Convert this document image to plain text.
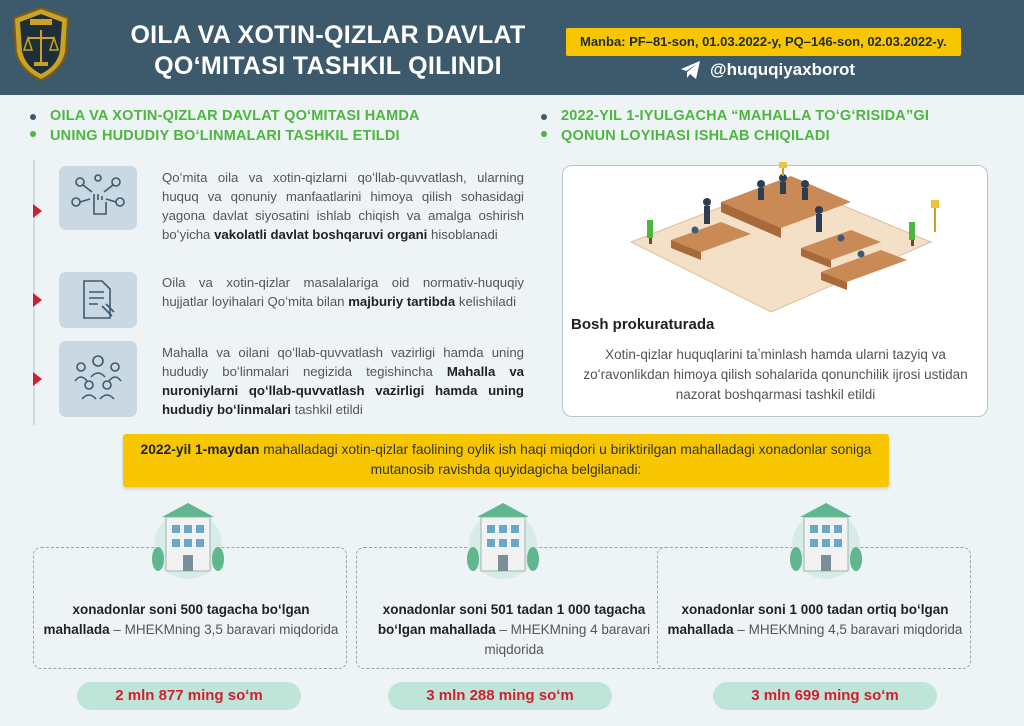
OILA VA XOTIN-QIZLAR DAVLAT
QOʻMITASI TASHKIL QILINDI
Manba: PF–81-son, 01.03.2022-y, PQ–146-son, 02.03.2022-y.
@huquqiyaxborot
OILA VA XOTIN-QIZLAR DAVLAT QOʻMITASI HAMDA
UNING HUDUDIY BOʻLINMALARI TASHKIL ETILDI
2022-YIL 1-IYULGACHA “MAHALLA TOʻGʻRISIDA”GI
QONUN LOYIHASI ISHLAB CHIQILADI
Qoʻmita oila va xotin-qizlarni qoʻllab-quvvatlash, ularning huquq va qonuniy manfaatlarini himoya qilish sohasidagi yagona davlat siyosatini ishlab chiqish va amalga oshirish boʻyicha vakolatli davlat boshqaruvi organi hisoblanadi
Oila va xotin-qizlar masalalariga oid normativ-huquqiy hujjatlar loyihalari Qoʻmita bilan majburiy tartibda kelishiladi
Mahalla va oilani qoʻllab-quvvatlash vazirligi hamda uning hududiy boʻlinmalari negizida tegishincha Mahalla va nuroniylarni qoʻllab-quvvatlash vazirligi hamda uning hududiy boʻlinmalari tashkil etildi
Bosh prokuraturada
Xotin-qizlar huquqlarini taʼminlash hamda ularni tazyiq va zoʻravonlikdan himoya qilish sohalarida qonunchilik ijrosi ustidan nazorat boshqarmasi tashkil etildi
2022-yil 1-maydan mahalladagi xotin-qizlar faolining oylik ish haqi miqdori u biriktirilgan mahalladagi xonadonlar soniga mutanosib ravishda quyidagicha belgilanadi:
xonadonlar soni 500 tagacha boʻlgan mahallada – MHEKMning 3,5 baravari miqdorida
xonadonlar soni 501 tadan 1 000 tagacha boʻlgan mahallada – MHEKMning 4 baravari miqdorida
xonadonlar soni 1 000 tadan ortiq boʻlgan mahallada – MHEKMning 4,5 baravari miqdorida
2 mln 877 ming soʻm	3 mln 288 ming soʻm	3 mln 699 ming soʻm
